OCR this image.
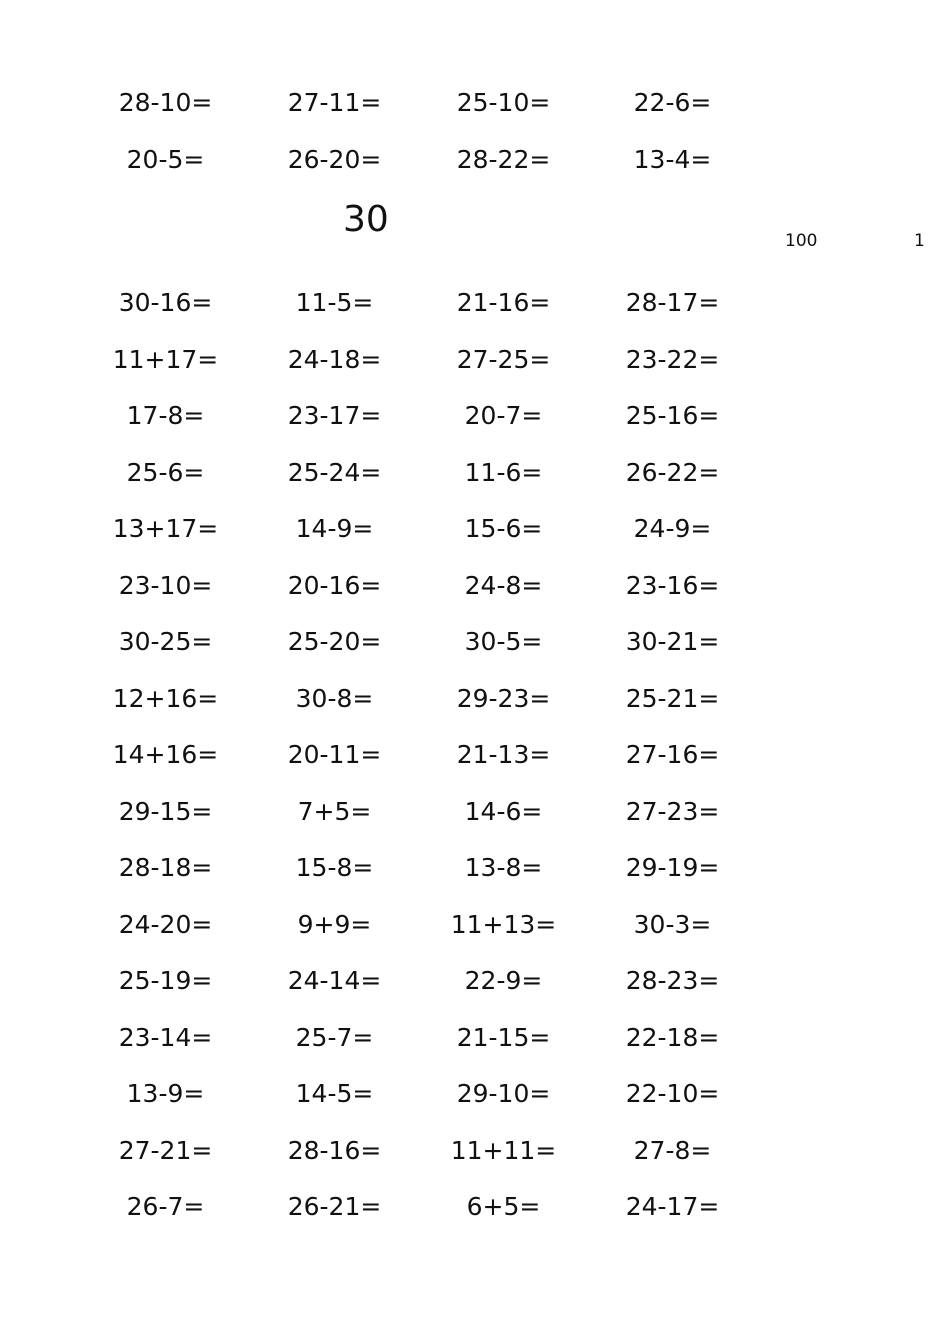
28-10=	27-11=	25-10=	22-6=
20-5=	26-20=	28-22=	13-4=
30
100	1
30-16=	11-5=	21-16=	28-17=
11+17=	24-18=	27-25=	23-22=
17-8=	23-17=	20-7=	25-16=
25-6=	25-24=	11-6=	26-22=
13+17=	14-9=	15-6=	24-9=
23-10=	20-16=	24-8=	23-16=
30-25=	25-20=	30-5=	30-21=
12+16=	30-8=	29-23=	25-21=
14+16=	20-11=	21-13=	27-16=
29-15=	7+5=	14-6=	27-23=
28-18=	15-8=	13-8=	29-19=
24-20=	9+9=	11+13=	30-3=
25-19=	24-14=	22-9=	28-23=
23-14=	25-7=	21-15=	22-18=
13-9=	14-5=	29-10=	22-10=
27-21=	28-16=	11+11=	27-8=
26-7=	26-21=	6+5=	24-17=
